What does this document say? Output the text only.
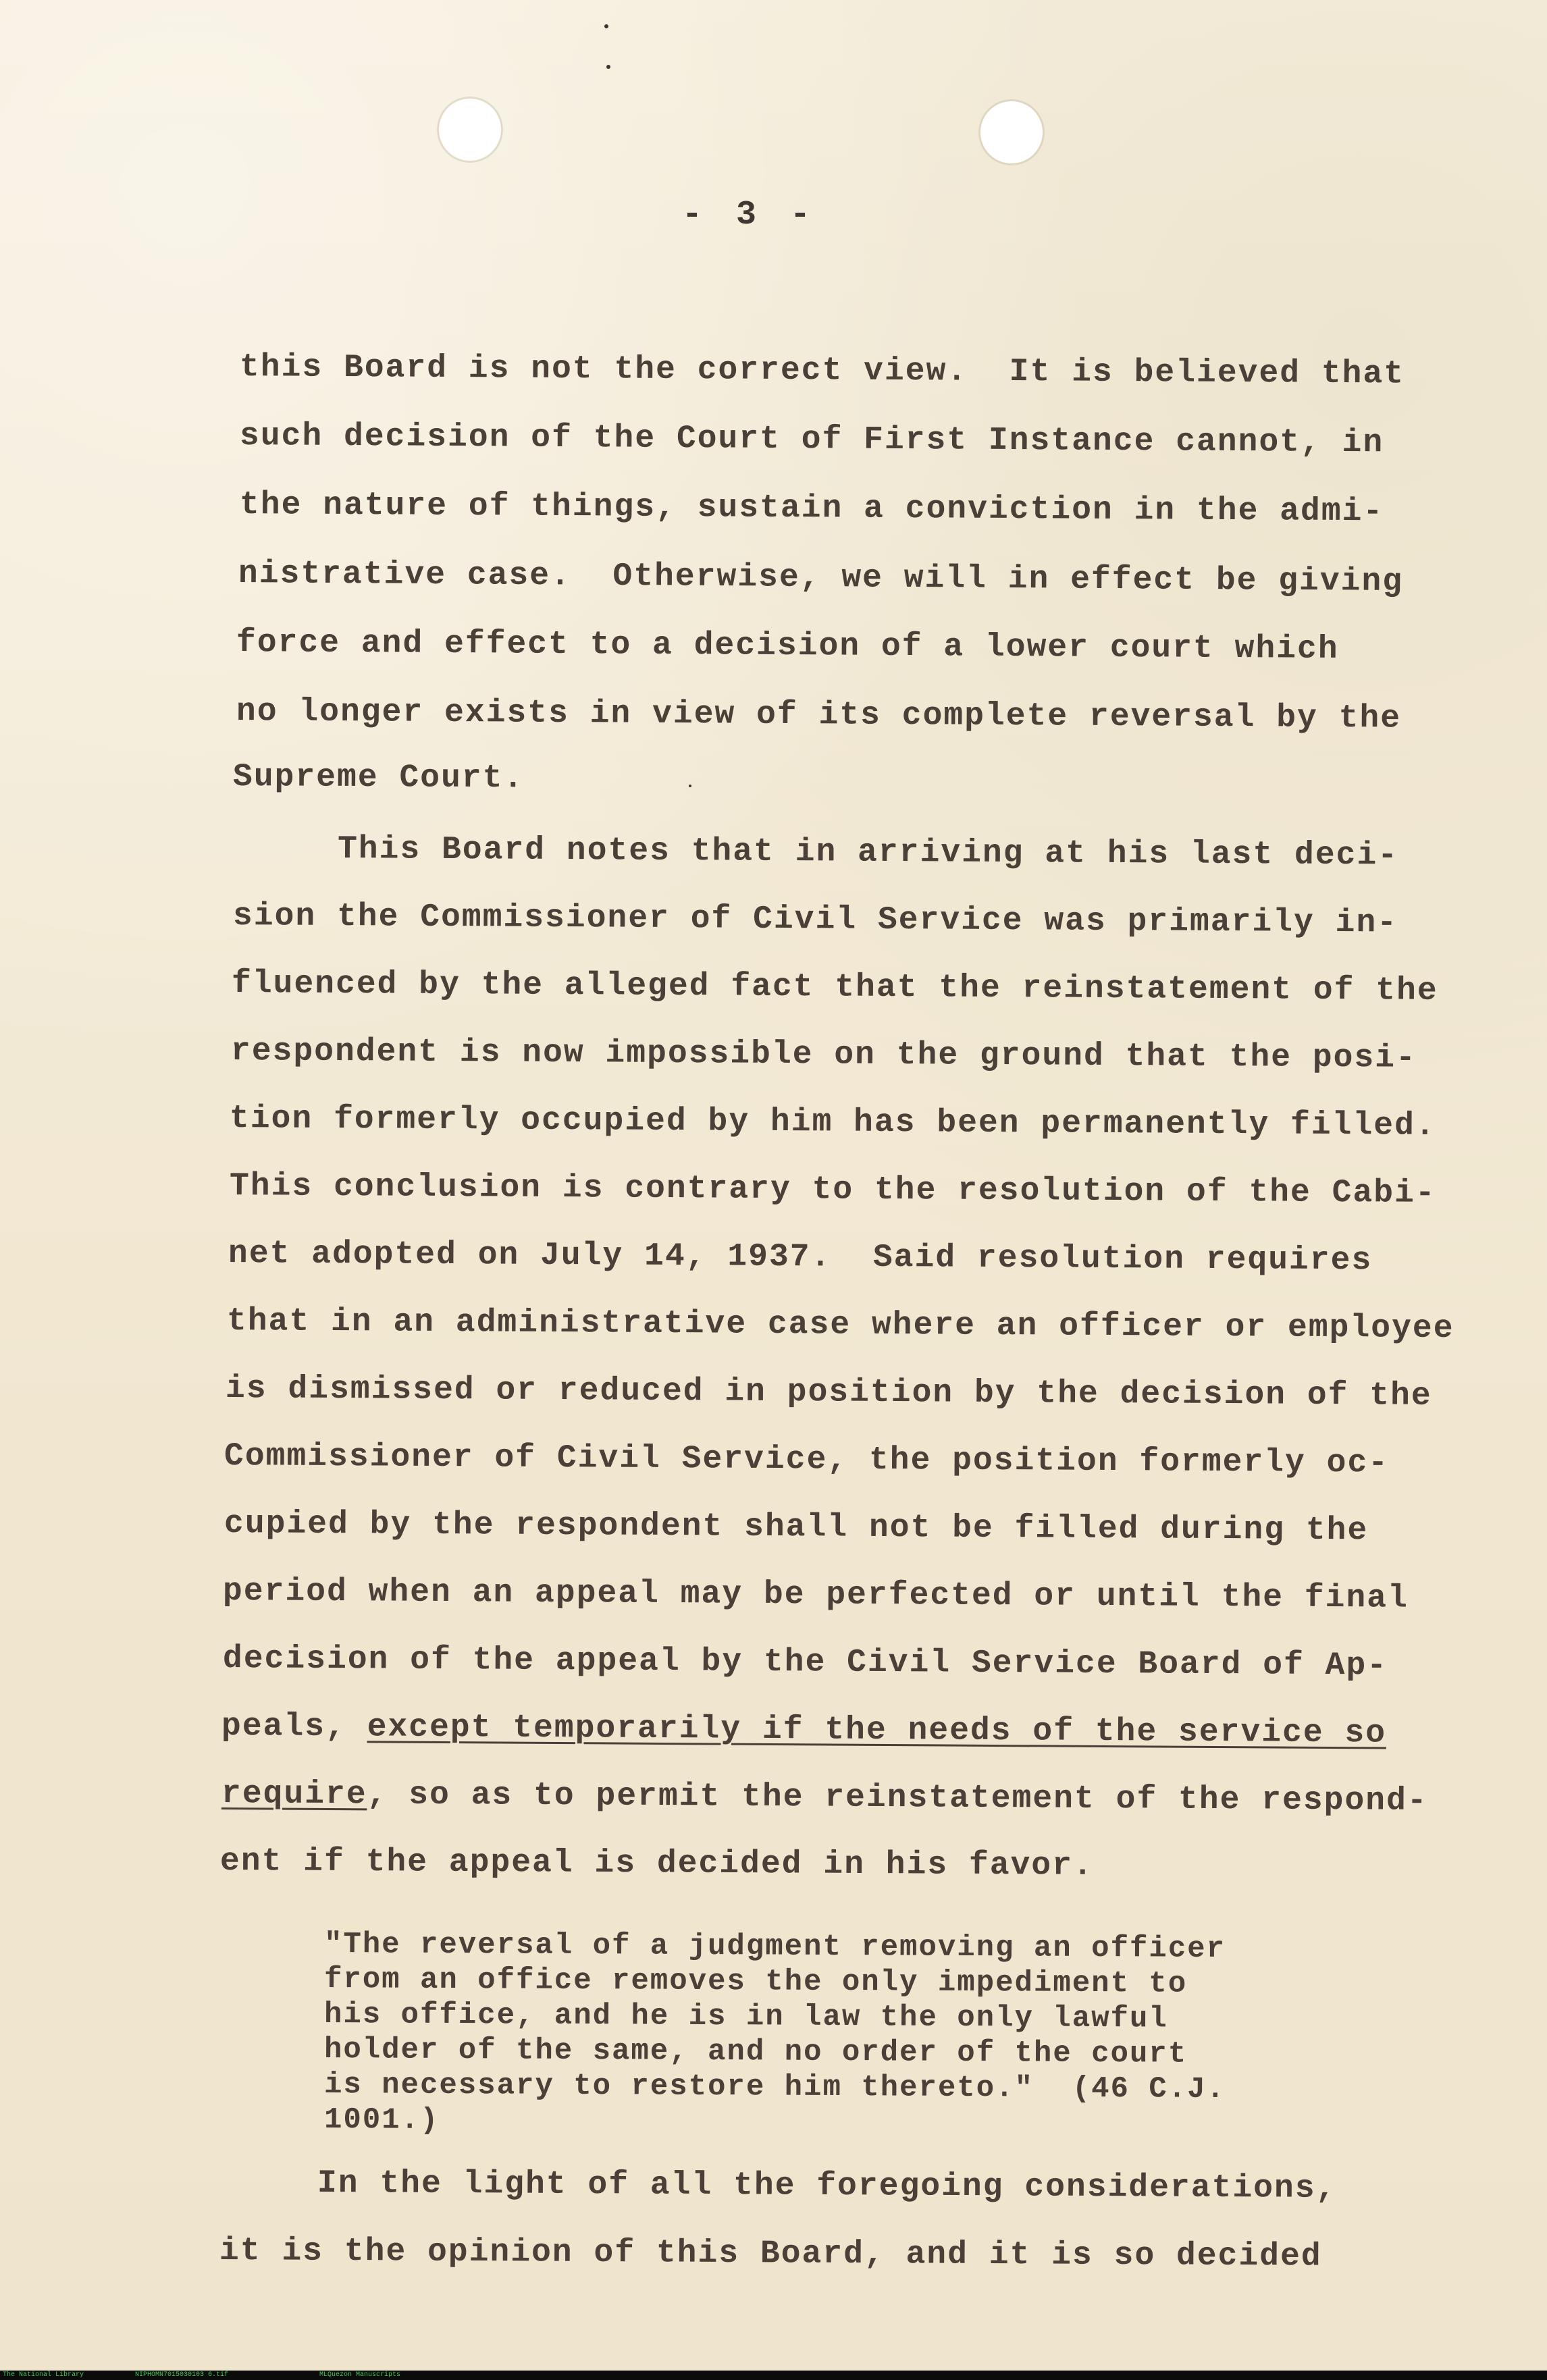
- 3 -
this Board is not the correct view.  It is believed that
such decision of the Court of First Instance cannot, in
the nature of things, sustain a conviction in the admi-
nistrative case.  Otherwise, we will in effect be giving
force and effect to a decision of a lower court which
no longer exists in view of its complete reversal by the
Supreme Court.
This Board notes that in arriving at his last deci-
sion the Commissioner of Civil Service was primarily in-
fluenced by the alleged fact that the reinstatement of the
respondent is now impossible on the ground that the posi-
tion formerly occupied by him has been permanently filled.
This conclusion is contrary to the resolution of the Cabi-
net adopted on July 14, 1937.  Said resolution requires
that in an administrative case where an officer or employee
is dismissed or reduced in position by the decision of the
Commissioner of Civil Service, the position formerly oc-
cupied by the respondent shall not be filled during the
period when an appeal may be perfected or until the final
decision of the appeal by the Civil Service Board of Ap-
peals, except temporarily if the needs of the service so
require, so as to permit the reinstatement of the respond-
ent if the appeal is decided in his favor.
"The reversal of a judgment removing an officer
from an office removes the only impediment to
his office, and he is in law the only lawful
holder of the same, and no order of the court
is necessary to restore him thereto."  (46 C.J.
1001.)
In the light of all the foregoing considerations,
it is the opinion of this Board, and it is so decided
The National Library	NIPHOMN7015030103 6.tif	MLQuezon Manuscripts
